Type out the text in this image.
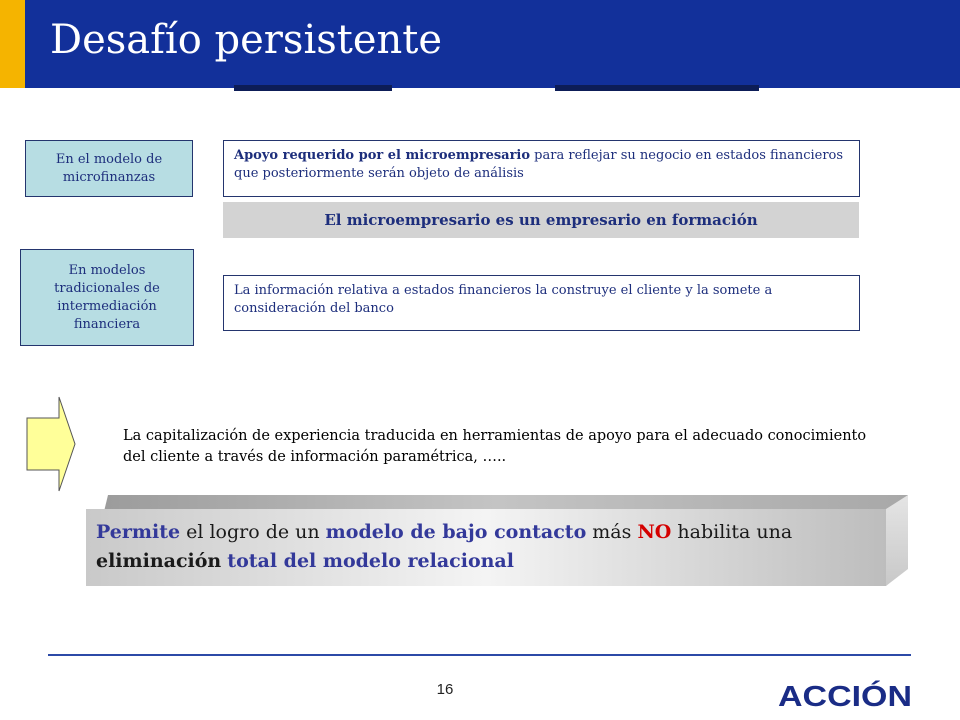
Desafío persistente
En el modelo de microfinanzas
Apoyo requerido por el microempresario para reflejar su negocio en estados financieros que posteriormente serán objeto de análisis
El microempresario es un empresario en formación
En modelos tradicionales de intermediación financiera
La información relativa a estados financieros la construye el cliente y la somete a consideración del banco
La capitalización de experiencia traducida en herramientas de apoyo para el adecuado conocimiento del cliente a través de información paramétrica, …..
Permite el logro de un modelo de bajo contacto más NO habilita una eliminación total del modelo relacional
16	ACCIÓN
